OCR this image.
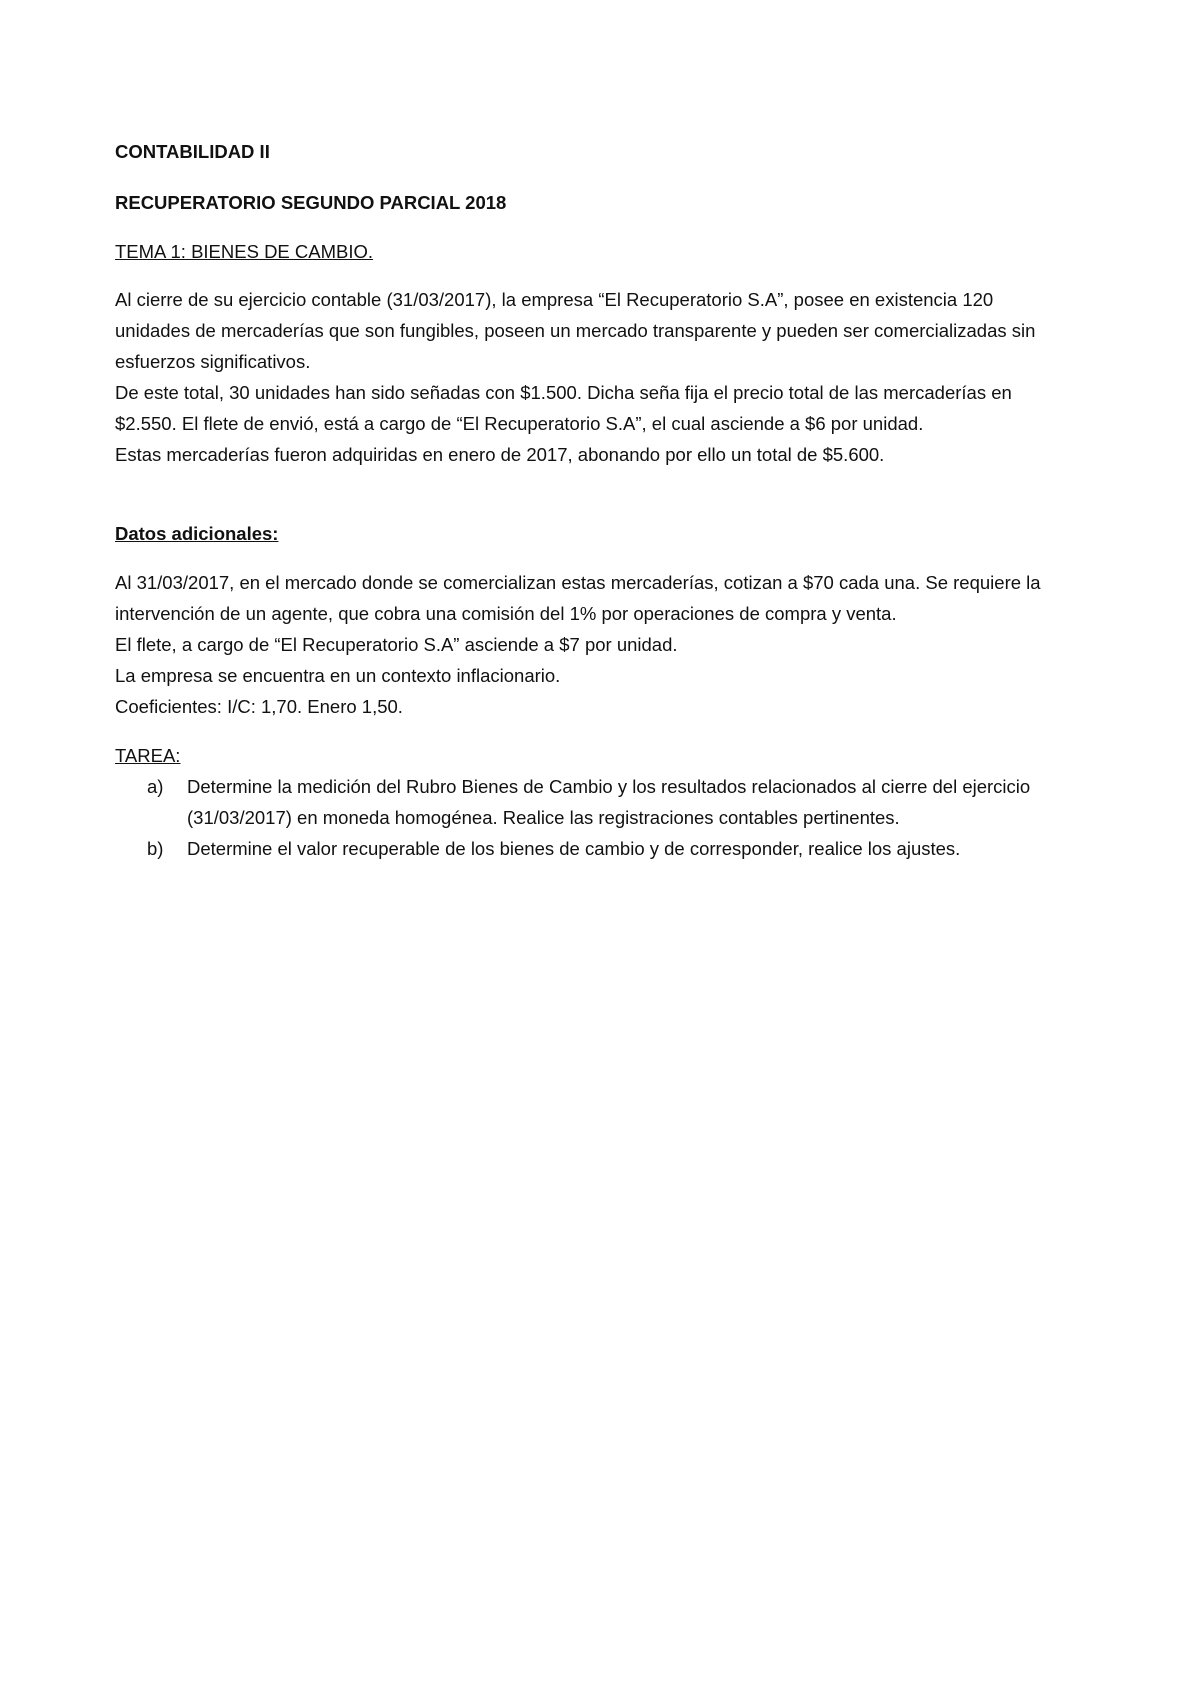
CONTABILIDAD II

RECUPERATORIO SEGUNDO PARCIAL 2018

TEMA 1: BIENES DE CAMBIO.

Al cierre de su ejercicio contable (31/03/2017), la empresa “El Recuperatorio S.A”, posee en existencia 120

unidades de mercaderías que son fungibles, poseen un mercado transparente y pueden ser comercializadas sin

esfuerzos significativos.

De este total, 30 unidades han sido señadas con $1.500. Dicha seña fija el precio total de las mercaderías en

$2.550. El flete de envió, está a cargo de “El Recuperatorio S.A”, el cual asciende a $6 por unidad.

Estas mercaderías fueron adquiridas en enero de 2017, abonando por ello un total de $5.600.

Datos adicionales:

Al 31/03/2017, en el mercado donde se comercializan estas mercaderías, cotizan a $70 cada una. Se requiere la

intervención de un agente, que cobra una comisión del 1% por operaciones de compra y venta.

El flete, a cargo de “El Recuperatorio S.A” asciende a $7 por unidad.

La empresa se encuentra en un contexto inflacionario.

Coeficientes: I/C: 1,70. Enero 1,50.

TAREA:

a)	Determine la medición del Rubro Bienes de Cambio y los resultados relacionados al cierre del ejercicio
(31/03/2017) en moneda homogénea. Realice las registraciones contables pertinentes.
b)	Determine el valor recuperable de los bienes de cambio y de corresponder, realice los ajustes.
